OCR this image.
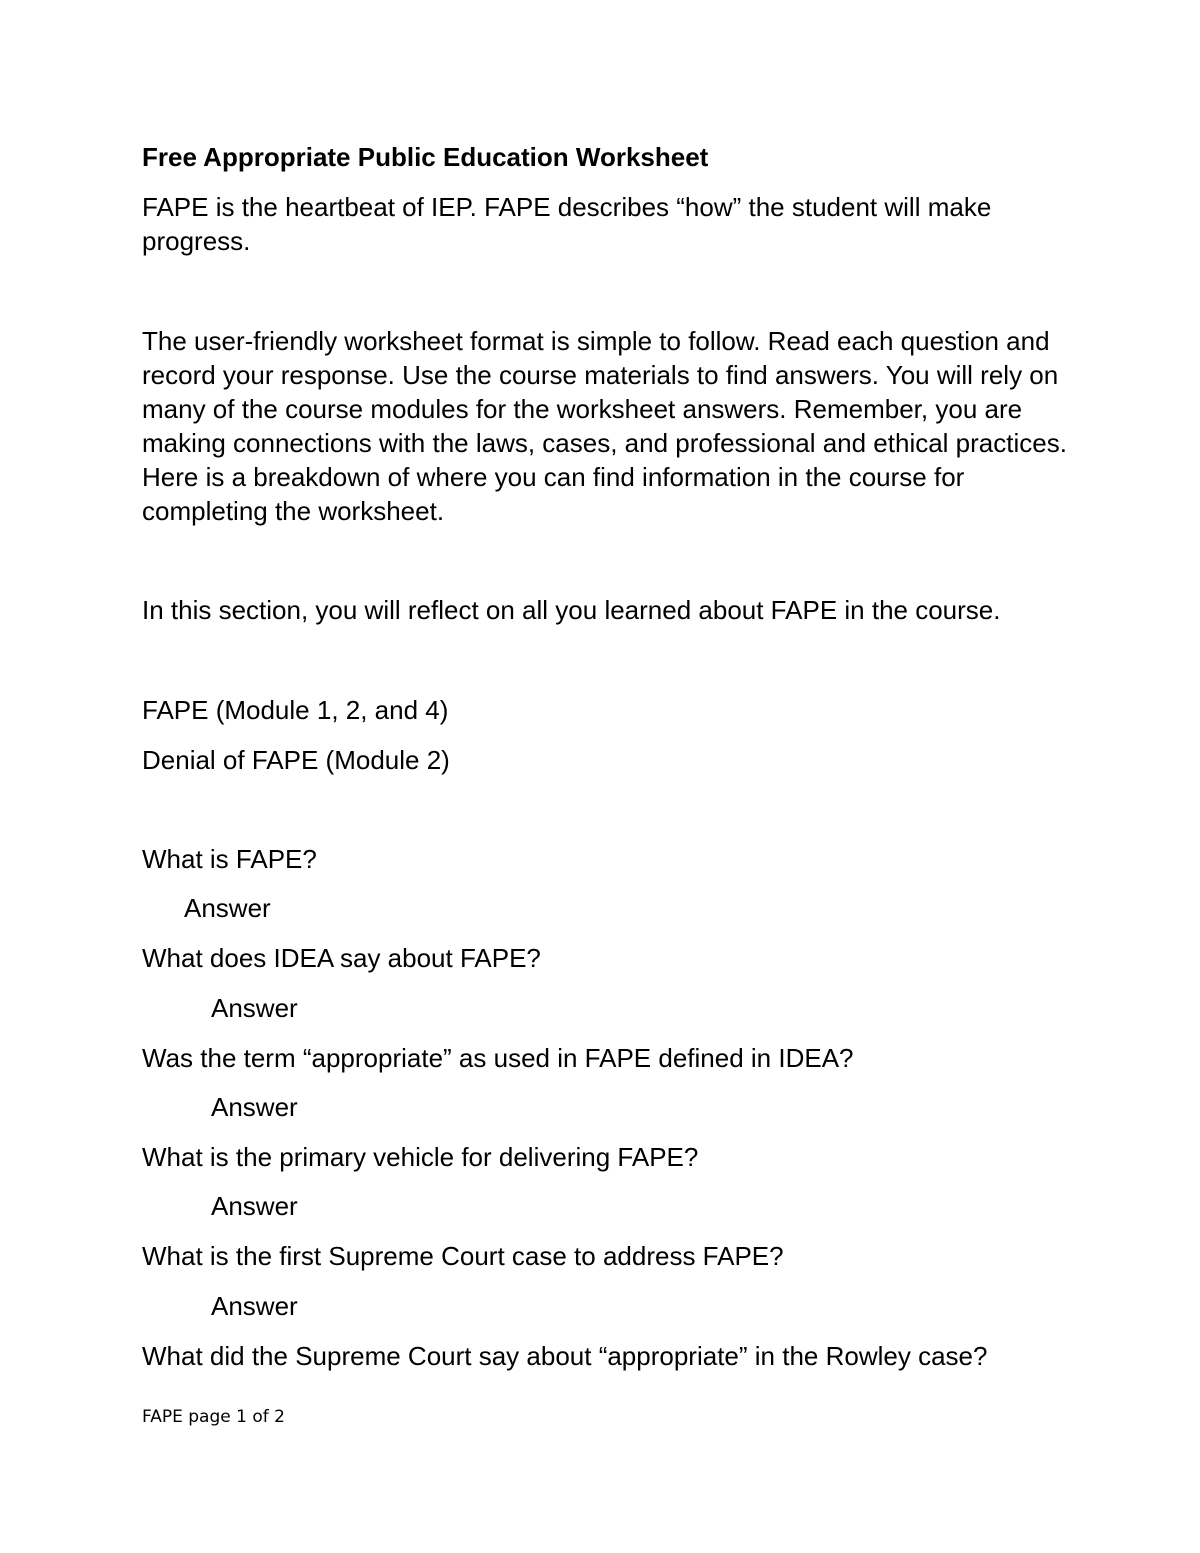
Free Appropriate Public Education Worksheet

FAPE is the heartbeat of IEP. FAPE describes “how” the student will make progress.

The user-friendly worksheet format is simple to follow. Read each question and record your response. Use the course materials to find answers. You will rely on many of the course modules for the worksheet answers. Remember, you are making connections with the laws, cases, and professional and ethical practices. Here is a breakdown of where you can find information in the course for completing the worksheet.

In this section, you will reflect on all you learned about FAPE in the course.

FAPE (Module 1, 2, and 4)

Denial of FAPE (Module 2)

What is FAPE?

Answer

What does IDEA say about FAPE?

Answer

Was the term “appropriate” as used in FAPE defined in IDEA?

Answer

What is the primary vehicle for delivering FAPE?

Answer

What is the first Supreme Court case to address FAPE?

Answer

What did the Supreme Court say about “appropriate” in the Rowley case?

FAPE page 1 of 2
